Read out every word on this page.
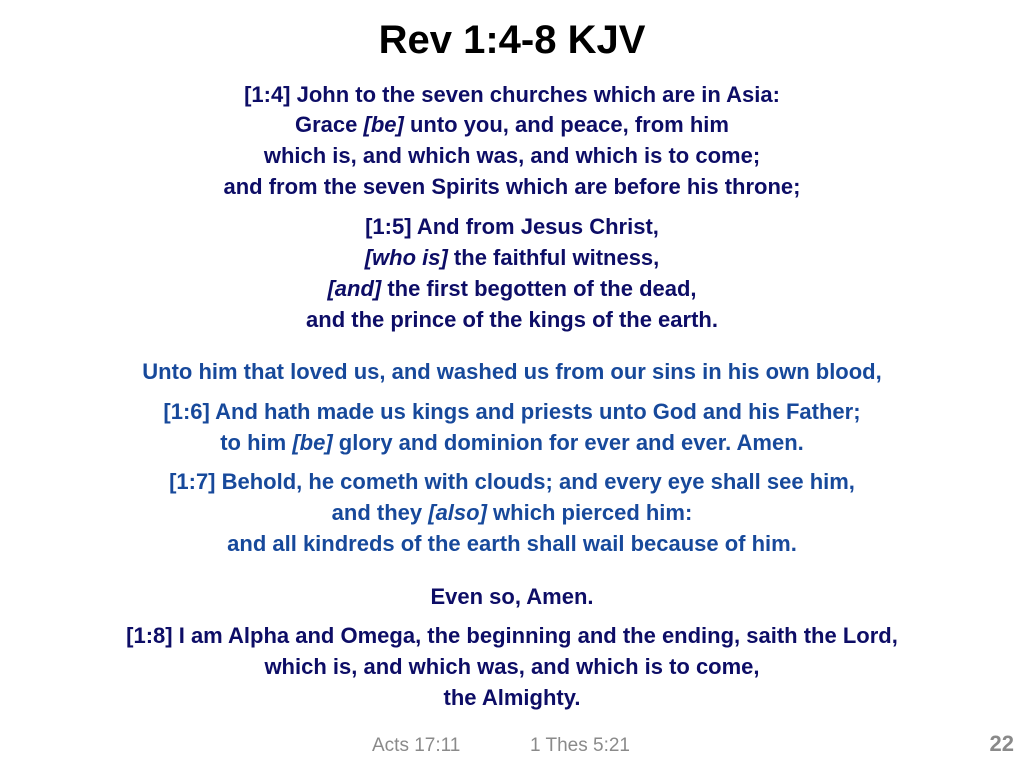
Rev 1:4-8 KJV
[1:4] John to the seven churches which are in Asia:
Grace [be] unto you, and peace, from him
which is, and which was, and which is to come;
and from the seven Spirits which are before his throne;
[1:5] And from Jesus Christ,
[who is] the faithful witness,
[and] the first begotten of the dead,
and the prince of the kings of the earth.
Unto him that loved us, and washed us from our sins in his own blood,
[1:6] And hath made us kings and priests unto God and his Father;
to him [be] glory and dominion for ever and ever. Amen.
[1:7] Behold, he cometh with clouds; and every eye shall see him,
and they [also] which pierced him:
and all kindreds of the earth shall wail because of him.
Even so, Amen.
[1:8] I am Alpha and Omega, the beginning and the ending, saith the Lord,
which is, and which was, and which is to come,
the Almighty.
Acts 17:11	1 Thes 5:21	22
